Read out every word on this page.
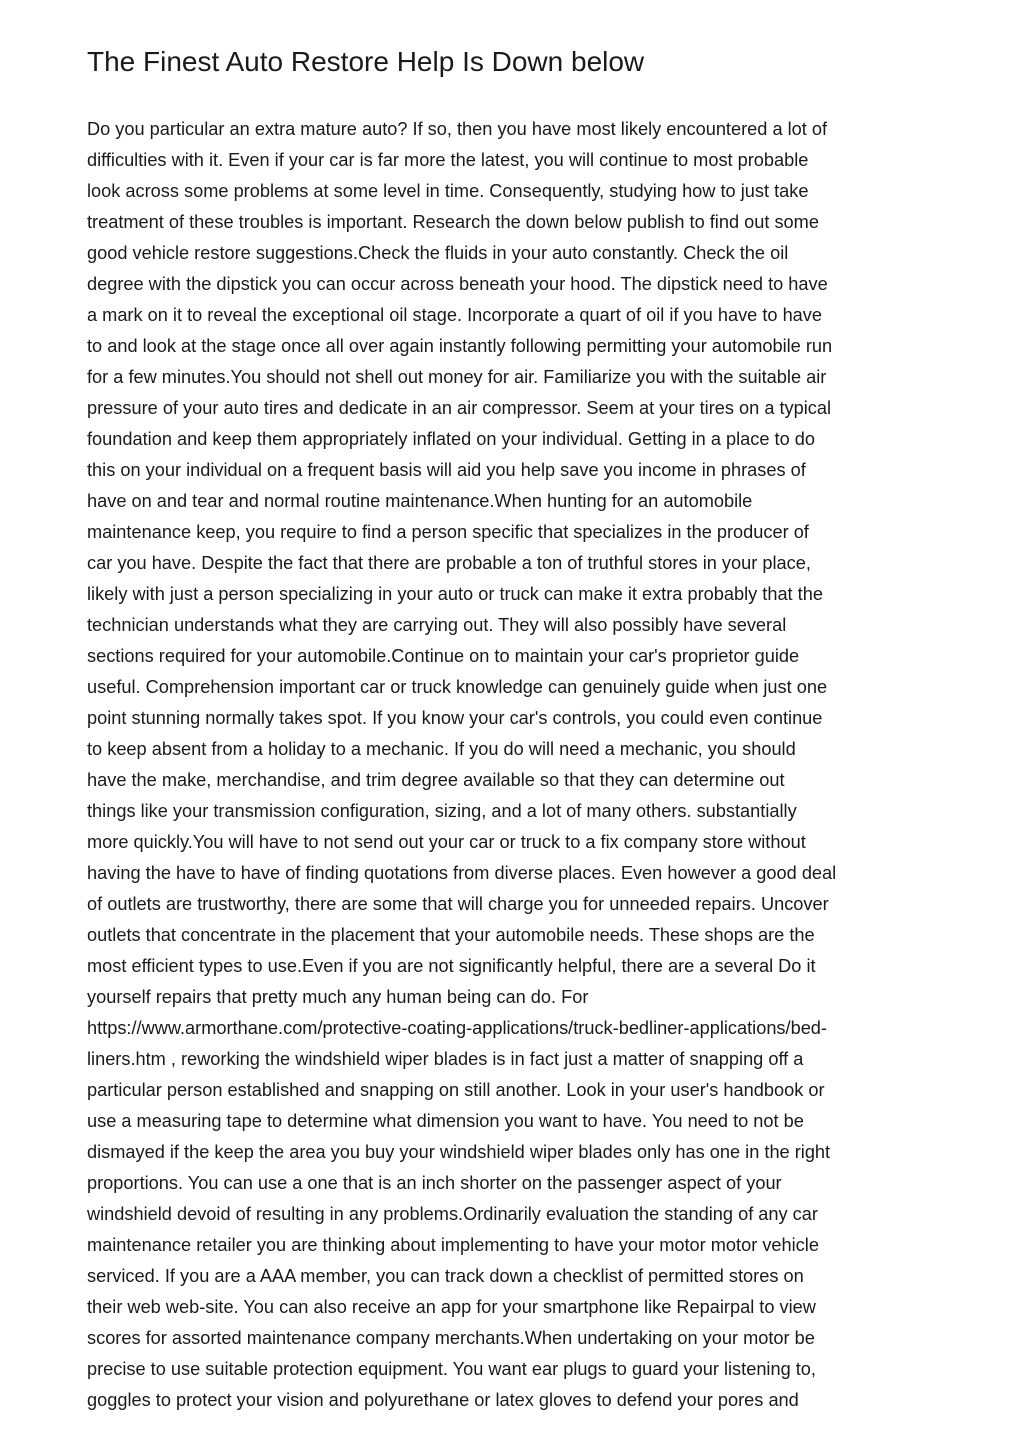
The Finest Auto Restore Help Is Down below
Do you particular an extra mature auto? If so, then you have most likely encountered a lot of
difficulties with it. Even if your car is far more the latest, you will continue to most probable
look across some problems at some level in time. Consequently, studying how to just take
treatment of these troubles is important. Research the down below publish to find out some
good vehicle restore suggestions.Check the fluids in your auto constantly. Check the oil
degree with the dipstick you can occur across beneath your hood. The dipstick need to have
a mark on it to reveal the exceptional oil stage. Incorporate a quart of oil if you have to have
to and look at the stage once all over again instantly following permitting your automobile run
for a few minutes.You should not shell out money for air. Familiarize you with the suitable air
pressure of your auto tires and dedicate in an air compressor. Seem at your tires on a typical
foundation and keep them appropriately inflated on your individual. Getting in a place to do
this on your individual on a frequent basis will aid you help save you income in phrases of
have on and tear and normal routine maintenance.When hunting for an automobile
maintenance keep, you require to find a person specific that specializes in the producer of
car you have. Despite the fact that there are probable a ton of truthful stores in your place,
likely with just a person specializing in your auto or truck can make it extra probably that the
technician understands what they are carrying out. They will also possibly have several
sections required for your automobile.Continue on to maintain your car's proprietor guide
useful. Comprehension important car or truck knowledge can genuinely guide when just one
point stunning normally takes spot. If you know your car's controls, you could even continue
to keep absent from a holiday to a mechanic. If you do will need a mechanic, you should
have the make, merchandise, and trim degree available so that they can determine out
things like your transmission configuration, sizing, and a lot of many others. substantially
more quickly.You will have to not send out your car or truck to a fix company store without
having the have to have of finding quotations from diverse places. Even however a good deal
of outlets are trustworthy, there are some that will charge you for unneeded repairs. Uncover
outlets that concentrate in the placement that your automobile needs. These shops are the
most efficient types to use.Even if you are not significantly helpful, there are a several Do it
yourself repairs that pretty much any human being can do. For
https://www.armorthane.com/protective-coating-applications/truck-bedliner-applications/bed-
liners.htm , reworking the windshield wiper blades is in fact just a matter of snapping off a
particular person established and snapping on still another. Look in your user's handbook or
use a measuring tape to determine what dimension you want to have. You need to not be
dismayed if the keep the area you buy your windshield wiper blades only has one in the right
proportions. You can use a one that is an inch shorter on the passenger aspect of your
windshield devoid of resulting in any problems.Ordinarily evaluation the standing of any car
maintenance retailer you are thinking about implementing to have your motor motor vehicle
serviced. If you are a AAA member, you can track down a checklist of permitted stores on
their web web-site. You can also receive an app for your smartphone like Repairpal to view
scores for assorted maintenance company merchants.When undertaking on your motor be
precise to use suitable protection equipment. You want ear plugs to guard your listening to,
goggles to protect your vision and polyurethane or latex gloves to defend your pores and
